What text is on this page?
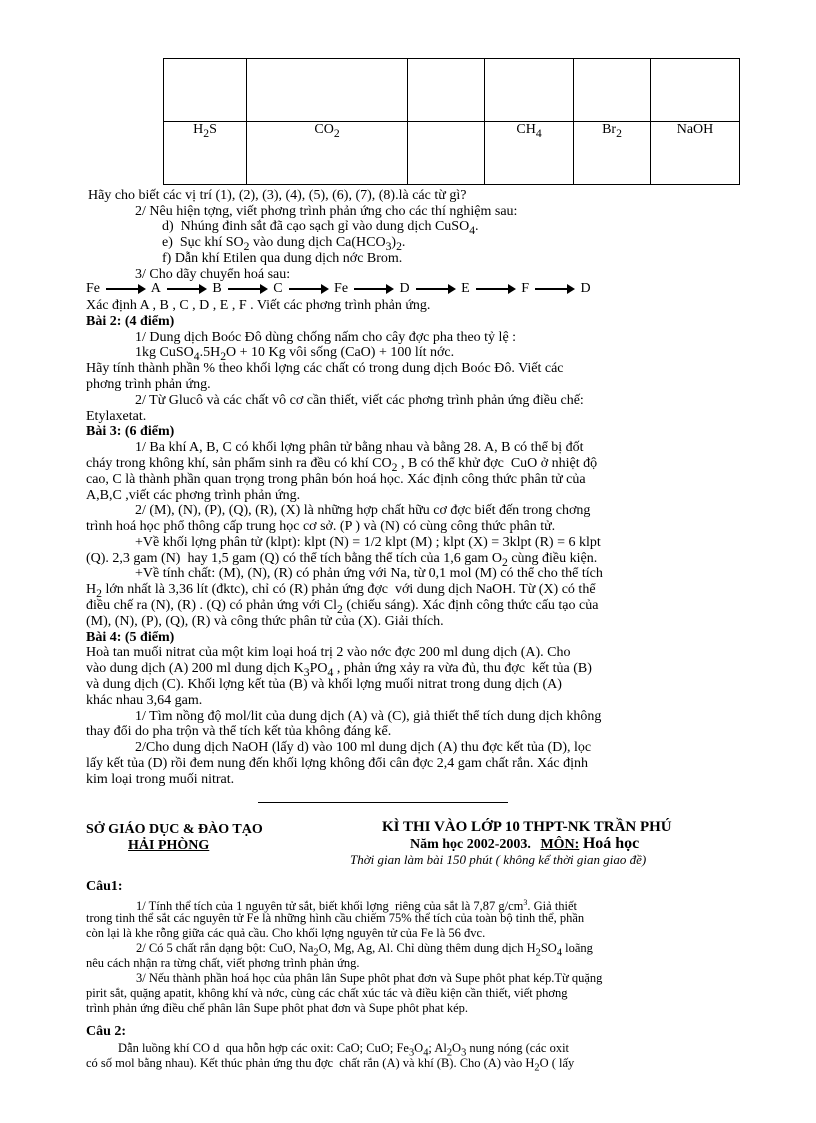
$H_2S$	$CO_2$		$CH_4$	$Br_2$	NaOH
Hãy cho biết các vị trí (1), (2), (3), (4), (5), (6), (7), (8).là các từ gì?
2/ Nêu hiện tợng, viết phơng trình phản ứng cho các thí nghiệm sau:
d)  Nhúng đinh sắt đã cạo sạch gỉ vào dung dịch CuSO$_4$.
e)  Sục khí $SO_2$ vào dung dịch $Ca(HCO_3)_2$.
f) Dẫn khí Etilen qua dung dịch nớc Brom.
3/ Cho dãy chuyển hoá sau:
Fe	A	B	C	Fe	D	E	F	D
Xác định A , B , C , D , E , F . Viết các phơng trình phản ứng.
Bài 2: (4 điểm)
1/ Dung dịch Boóc Đô dùng chống nấm cho cây đợc pha theo tỷ lệ :
1kg $CuSO_4.5H_2O + 10$ Kg vôi sống (CaO) + 100 lít nớc.
Hãy tính thành phần % theo khối lợng các chất có trong dung dịch Boóc Đô. Viết các
phơng trình phản ứng.
2/ Từ Glucô và các chất vô cơ cần thiết, viết các phơng trình phản ứng điều chế:
Etylaxetat.
Bài 3: (6 điểm)
1/ Ba khí A, B, C có khối lợng phân tử bằng nhau và bằng 28. A, B có thể bị đốt
cháy trong không khí, sản phẩm sinh ra đều có khí $CO_2$ , B có thể khử đợc  CuO ở nhiệt độ
cao, C là thành phần quan trọng trong phân bón hoá học. Xác định công thức phân tử của
A,B,C ,viết các phơng trình phản ứng.
2/ (M), (N), (P), (Q), (R), (X) là những hợp chất hữu cơ đợc biết đến trong chơng
trình hoá học phổ thông cấp trung học cơ sở. (P ) và (N) có cùng công thức phân tử.
+Về khối lợng phân tử (klpt): klpt (N) = 1/2 klpt (M) ; klpt (X) = 3klpt (R) = 6 klpt
(Q). 2,3 gam (N)  hay 1,5 gam (Q) có thể tích bằng thể tích của 1,6 gam $O_2$ cùng điều kiện.
+Về tính chất: (M), (N), (R) có phản ứng với Na, từ 0,1 mol (M) có thể cho thể tích
$H_2$ lớn nhất là 3,36 lít (đktc), chỉ có (R) phản ứng đợc  với dung dịch NaOH. Từ (X) có thể
điều chế ra (N), (R) . (Q) có phản ứng với $Cl_2$ (chiếu sáng). Xác định công thức cấu tạo của
(M), (N), (P), (Q), (R) và công thức phân tử của (X). Giải thích.
Bài 4: (5 điểm)
Hoà tan muối nitrat của một kim loại hoá trị 2 vào nớc đợc 200 ml dung dịch (A). Cho
vào dung dịch (A) 200 ml dung dịch $K_3PO_4$ , phản ứng xảy ra vừa đủ, thu đợc  kết tủa (B)
và dung dịch (C). Khối lợng kết tủa (B) và khối lợng muối nitrat trong dung dịch (A)
khác nhau 3,64 gam.
1/ Tìm nồng độ mol/lit của dung dịch (A) và (C), giả thiết thể tích dung dịch không
thay đổi do pha trộn và thể tích kết tủa không đáng kể.
2/Cho dung dịch NaOH (lấy d) vào 100 ml dung dịch (A) thu đợc kết tủa (D), lọc
lấy kết tủa (D) rồi đem nung đến khối lợng không đổi cân đợc 2,4 gam chất rắn. Xác định
kim loại trong muối nitrat.
SỞ GIÁO DỤC & ĐÀO TẠO
HẢI PHÒNG
KÌ THI VÀO LỚP 10 THPT-NK TRẦN PHÚ
Năm học 2002-2003. MÔN: Hoá học
Thời gian làm bài 150 phút ( không kể thời gian giao đề)
Câu1:
1/ Tính thể tích của 1 nguyên tử sắt, biết khối lợng  riêng của sắt là 7,87 $g/cm^3$. Giả thiết
trong tinh thể sắt các nguyên tử Fe là những hình cầu chiếm 75% thể tích của toàn bộ tinh thể, phần
còn lại là khe rỗng giữa các quả cầu. Cho khối lợng nguyên tử của Fe là 56 đvc.
2/ Có 5 chất rắn dạng bột: CuO, $Na_2O$, Mg, Ag, Al. Chỉ dùng thêm dung dịch $H_2SO_4$ loãng
nêu cách nhận ra từng chất, viết phơng trình phản ứng.
3/ Nếu thành phần hoá học của phân lân Supe phôt phat đơn và Supe phôt phat kép.Từ quặng
pirit sắt, quặng apatit, không khí và nớc, cùng các chất xúc tác và điều kiện cần thiết, viết phơng
trình phản ứng điều chế phân lân Supe phôt phat đơn và Supe phôt phat kép.
Câu 2:
Dẫn luồng khí CO d  qua hỗn hợp các oxit: CaO; CuO; $Fe_3O_4$; $Al_2O_3$ nung nóng (các oxit
có số mol bằng nhau). Kết thúc phản ứng thu đợc  chất rắn (A) và khí (B). Cho (A) vào $H_2O$ ( lấy
